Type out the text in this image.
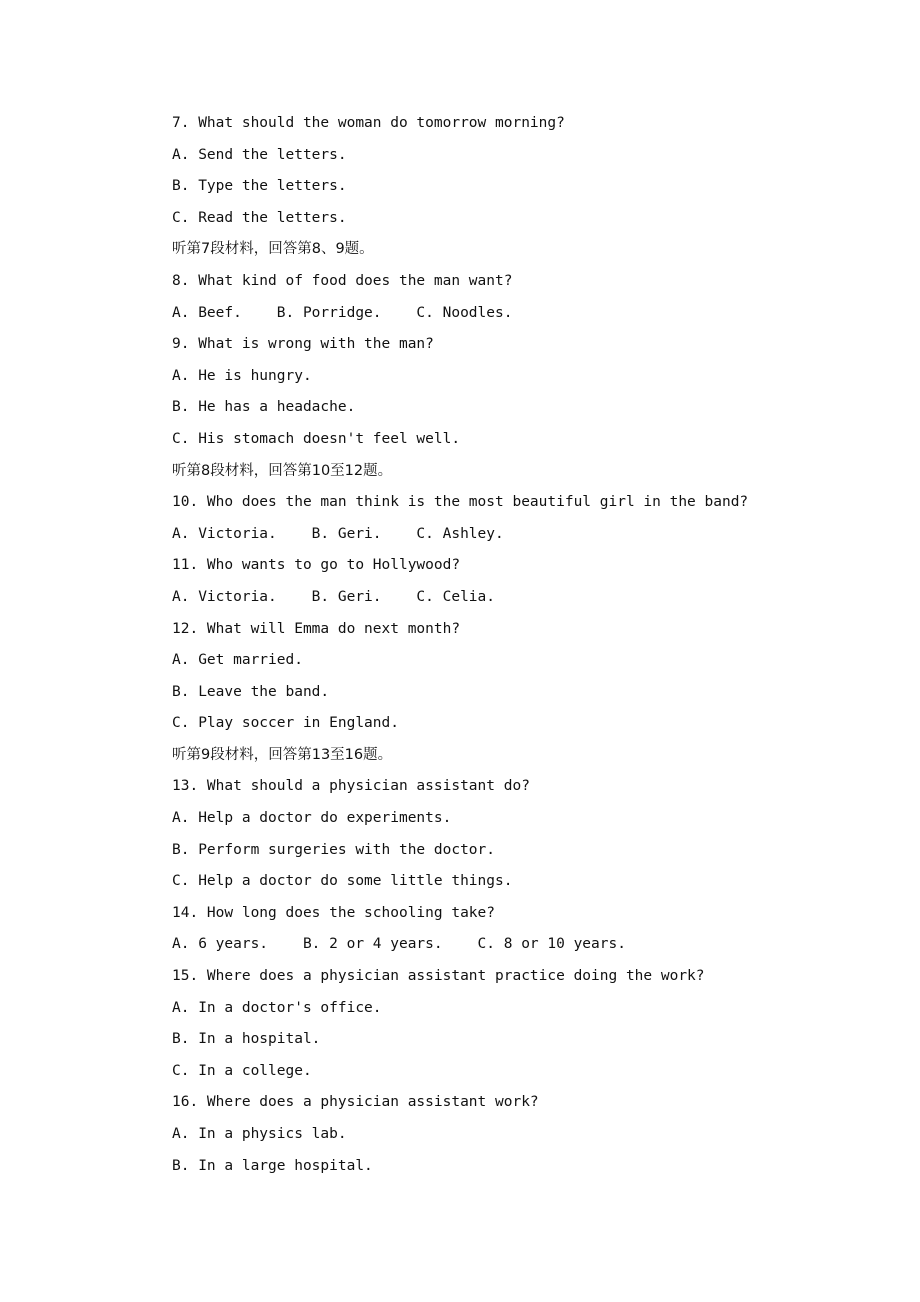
7. What should the woman do tomorrow morning?
A. Send the letters.
B. Type the letters.
C. Read the letters.
听第7段材料，回答第8、9题。
8. What kind of food does the man want?
A. Beef.    B. Porridge.    C. Noodles.
9. What is wrong with the man?
A. He is hungry.
B. He has a headache.
C. His stomach doesn't feel well.
听第8段材料，回答第10至12题。
10. Who does the man think is the most beautiful girl in the band?
A. Victoria.    B. Geri.    C. Ashley.
11. Who wants to go to Hollywood?
A. Victoria.    B. Geri.    C. Celia.
12. What will Emma do next month?
A. Get married.
B. Leave the band.
C. Play soccer in England.
听第9段材料，回答第13至16题。
13. What should a physician assistant do?
A. Help a doctor do experiments.
B. Perform surgeries with the doctor.
C. Help a doctor do some little things.
14. How long does the schooling take?
A. 6 years.    B. 2 or 4 years.    C. 8 or 10 years.
15. Where does a physician assistant practice doing the work?
A. In a doctor's office.
B. In a hospital.
C. In a college.
16. Where does a physician assistant work?
A. In a physics lab.
B. In a large hospital.
